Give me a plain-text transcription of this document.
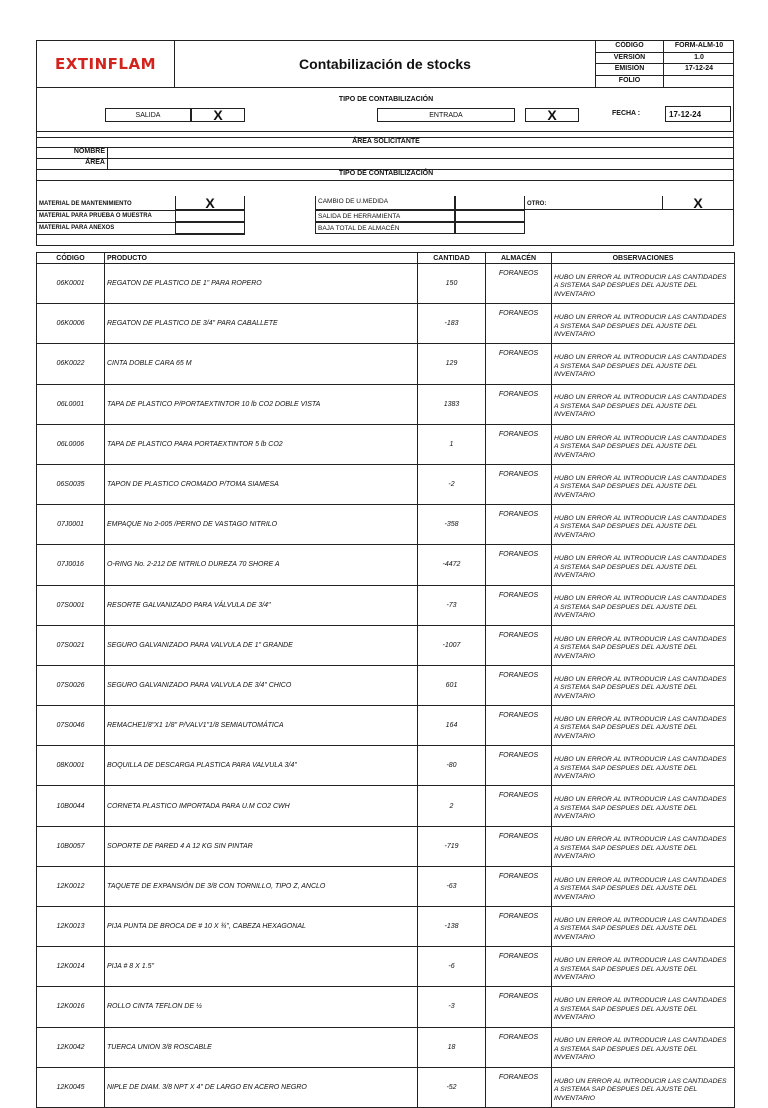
EXTINFLAM	Contabilización de stocks
CÓDIGO	FORM-ALM-10
VERSIÓN	1.0
EMISIÓN	17-12-24
FOLIO
TIPO DE CONTABILIZACIÓN
SALIDA	X	ENTRADA	X	FECHA :	17-12-24
ÁREA SOLICITANTE
NOMBRE
ÁREA
TIPO DE CONTABILIZACIÓN
MATERIAL DE MANTENIMIENTO	X
MATERIAL PARA PRUEBA O MUESTRA
MATERIAL PARA ANEXOS
CAMBIO DE U.MEDIDA
SALIDA DE HERRAMIENTA
BAJA TOTAL DE ALMACÉN
OTRO:	X
CÓDIGO	PRODUCTO	CANTIDAD	ALMACÉN	OBSERVACIONES
06K0001	REGATON DE PLASTICO DE 1" PARA ROPERO	150	FORANEOS	HUBO UN ERROR AL INTRODUCIR LAS CANTIDADES A SISTEMA SAP DESPUES DEL AJUSTE DEL INVENTARIO
06K0006	REGATON DE PLASTICO DE 3/4" PARA CABALLETE	-183	FORANEOS	HUBO UN ERROR AL INTRODUCIR LAS CANTIDADES A SISTEMA SAP DESPUES DEL AJUSTE DEL INVENTARIO
06K0022	CINTA DOBLE CARA 65 M	129	FORANEOS	HUBO UN ERROR AL INTRODUCIR LAS CANTIDADES A SISTEMA SAP DESPUES DEL AJUSTE DEL INVENTARIO
06L0001	TAPA DE PLASTICO P/PORTAEXTINTOR 10 lb CO2 DOBLE VISTA	1383	FORANEOS	HUBO UN ERROR AL INTRODUCIR LAS CANTIDADES A SISTEMA SAP DESPUES DEL AJUSTE DEL INVENTARIO
06L0006	TAPA DE PLASTICO PARA PORTAEXTINTOR 5 lb CO2	1	FORANEOS	HUBO UN ERROR AL INTRODUCIR LAS CANTIDADES A SISTEMA SAP DESPUES DEL AJUSTE DEL INVENTARIO
06S0035	TAPON DE PLASTICO CROMADO P/TOMA SIAMESA	-2	FORANEOS	HUBO UN ERROR AL INTRODUCIR LAS CANTIDADES A SISTEMA SAP DESPUES DEL AJUSTE DEL INVENTARIO
07J0001	EMPAQUE No 2-005 /PERNO DE VASTAGO NITRILO	-358	FORANEOS	HUBO UN ERROR AL INTRODUCIR LAS CANTIDADES A SISTEMA SAP DESPUES DEL AJUSTE DEL INVENTARIO
07J0016	O-RING No. 2-212 DE NITRILO DUREZA 70 SHORE A	-4472	FORANEOS	HUBO UN ERROR AL INTRODUCIR LAS CANTIDADES A SISTEMA SAP DESPUES DEL AJUSTE DEL INVENTARIO
07S0001	RESORTE GALVANIZADO PARA VÁLVULA DE 3/4"	-73	FORANEOS	HUBO UN ERROR AL INTRODUCIR LAS CANTIDADES A SISTEMA SAP DESPUES DEL AJUSTE DEL INVENTARIO
07S0021	SEGURO GALVANIZADO PARA VALVULA DE 1" GRANDE	-1007	FORANEOS	HUBO UN ERROR AL INTRODUCIR LAS CANTIDADES A SISTEMA SAP DESPUES DEL AJUSTE DEL INVENTARIO
07S0026	SEGURO GALVANIZADO PARA VALVULA DE 3/4" CHICO	601	FORANEOS	HUBO UN ERROR AL INTRODUCIR LAS CANTIDADES A SISTEMA SAP DESPUES DEL AJUSTE DEL INVENTARIO
07S0046	REMACHE1/8"X1 1/8" P/VALV1"1/8 SEMIAUTOMÁTICA	164	FORANEOS	HUBO UN ERROR AL INTRODUCIR LAS CANTIDADES A SISTEMA SAP DESPUES DEL AJUSTE DEL INVENTARIO
08K0001	BOQUILLA DE DESCARGA PLASTICA PARA VALVULA 3/4"	-80	FORANEOS	HUBO UN ERROR AL INTRODUCIR LAS CANTIDADES A SISTEMA SAP DESPUES DEL AJUSTE DEL INVENTARIO
10B0044	CORNETA PLASTICO IMPORTADA PARA U.M CO2 CWH	2	FORANEOS	HUBO UN ERROR AL INTRODUCIR LAS CANTIDADES A SISTEMA SAP DESPUES DEL AJUSTE DEL INVENTARIO
10B0057	SOPORTE DE PARED 4 A 12 KG SIN PINTAR	-719	FORANEOS	HUBO UN ERROR AL INTRODUCIR LAS CANTIDADES A SISTEMA SAP DESPUES DEL AJUSTE DEL INVENTARIO
12K0012	TAQUETE DE EXPANSIÓN DE 3/8 CON TORNILLO, TIPO Z, ANCLO	-63	FORANEOS	HUBO UN ERROR AL INTRODUCIR LAS CANTIDADES A SISTEMA SAP DESPUES DEL AJUSTE DEL INVENTARIO
12K0013	PIJA PUNTA DE BROCA DE # 10 X ¾", CABEZA HEXAGONAL	-138	FORANEOS	HUBO UN ERROR AL INTRODUCIR LAS CANTIDADES A SISTEMA SAP DESPUES DEL AJUSTE DEL INVENTARIO
12K0014	PIJA # 8 X 1.5"	-6	FORANEOS	HUBO UN ERROR AL INTRODUCIR LAS CANTIDADES A SISTEMA SAP DESPUES DEL AJUSTE DEL INVENTARIO
12K0016	ROLLO CINTA TEFLON DE ½	-3	FORANEOS	HUBO UN ERROR AL INTRODUCIR LAS CANTIDADES A SISTEMA SAP DESPUES DEL AJUSTE DEL INVENTARIO
12K0042	TUERCA UNION 3/8 ROSCABLE	18	FORANEOS	HUBO UN ERROR AL INTRODUCIR LAS CANTIDADES A SISTEMA SAP DESPUES DEL AJUSTE DEL INVENTARIO
12K0045	NIPLE DE DIAM. 3/8 NPT X 4" DE LARGO EN ACERO NEGRO	-52	FORANEOS	HUBO UN ERROR AL INTRODUCIR LAS CANTIDADES A SISTEMA SAP DESPUES DEL AJUSTE DEL INVENTARIO
